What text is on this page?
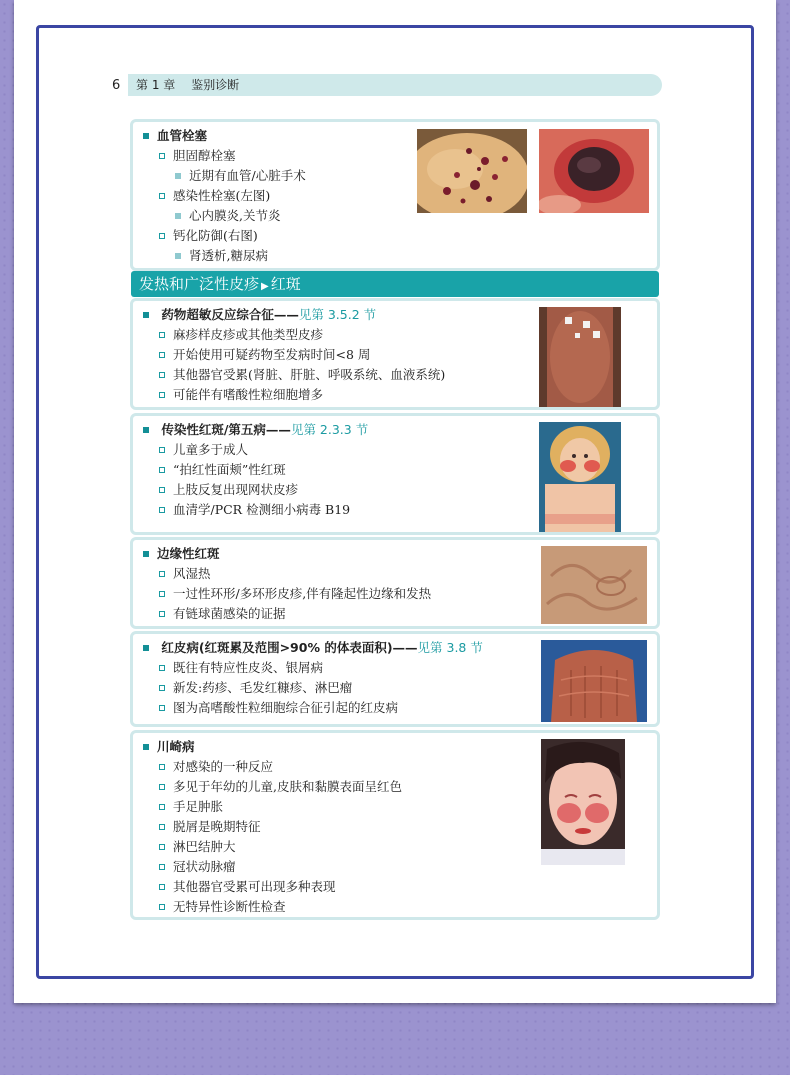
6	第 1 章 鉴别诊断
血管栓塞
胆固醇栓塞
近期有血管/心脏手术
感染性栓塞(左图)
心内膜炎,关节炎
钙化防御(右图)
肾透析,糖尿病
发热和广泛性皮疹 ▶ 红斑
药物超敏反应综合征——见第 3.5.2 节
麻疹样皮疹或其他类型皮疹
开始使用可疑药物至发病时间<8 周
其他器官受累(肾脏、肝脏、呼吸系统、血液系统)
可能伴有嗜酸性粒细胞增多
传染性红斑/第五病——见第 2.3.3 节
儿童多于成人
“拍红性面颊”性红斑
上肢反复出现网状皮疹
血清学/PCR 检测细小病毒 B19
边缘性红斑
风湿热
一过性环形/多环形皮疹,伴有隆起性边缘和发热
有链球菌感染的证据
红皮病(红斑累及范围>90% 的体表面积)——见第 3.8 节
既往有特应性皮炎、银屑病
新发:药疹、毛发红糠疹、淋巴瘤
图为高嗜酸性粒细胞综合征引起的红皮病
川崎病
对感染的一种反应
多见于年幼的儿童,皮肤和黏膜表面呈红色
手足肿胀
脱屑是晚期特征
淋巴结肿大
冠状动脉瘤
其他器官受累可出现多种表现
无特异性诊断性检查
